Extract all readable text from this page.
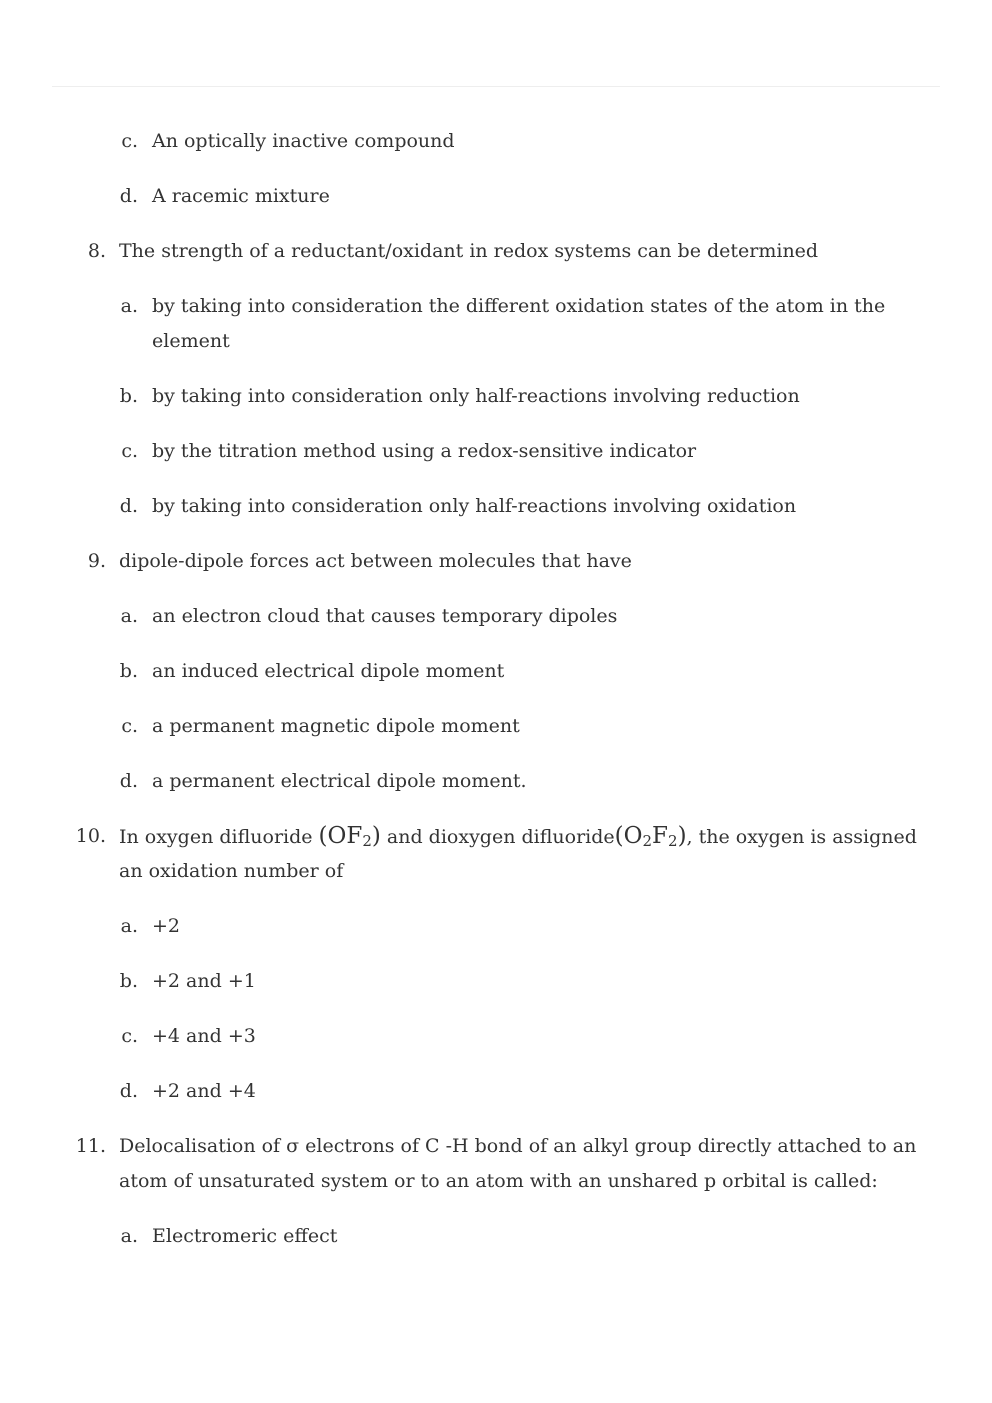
c. An optically inactive compound
d. A racemic mixture
8. The strength of a reductant/oxidant in redox systems can be determined
a. by taking into consideration the different oxidation states of the atom in the
element
b. by taking into consideration only half-reactions involving reduction
c. by the titration method using a redox-sensitive indicator
d. by taking into consideration only half-reactions involving oxidation
9. dipole-dipole forces act between molecules that have
a. an electron cloud that causes temporary dipoles
b. an induced electrical dipole moment
c. a permanent magnetic dipole moment
d. a permanent electrical dipole moment.
10. In oxygen difluoride $(OF_2)$ and dioxygen $difluoride(O_2F_2)$, the oxygen is assigned
an oxidation number of
a. +2
b. +2 and +1
c. +4 and +3
d. +2 and +4
11. Delocalisation of σ electrons of C -H bond of an alkyl group directly attached to an
atom of unsaturated system or to an atom with an unshared p orbital is called:
a. Electromeric effect
